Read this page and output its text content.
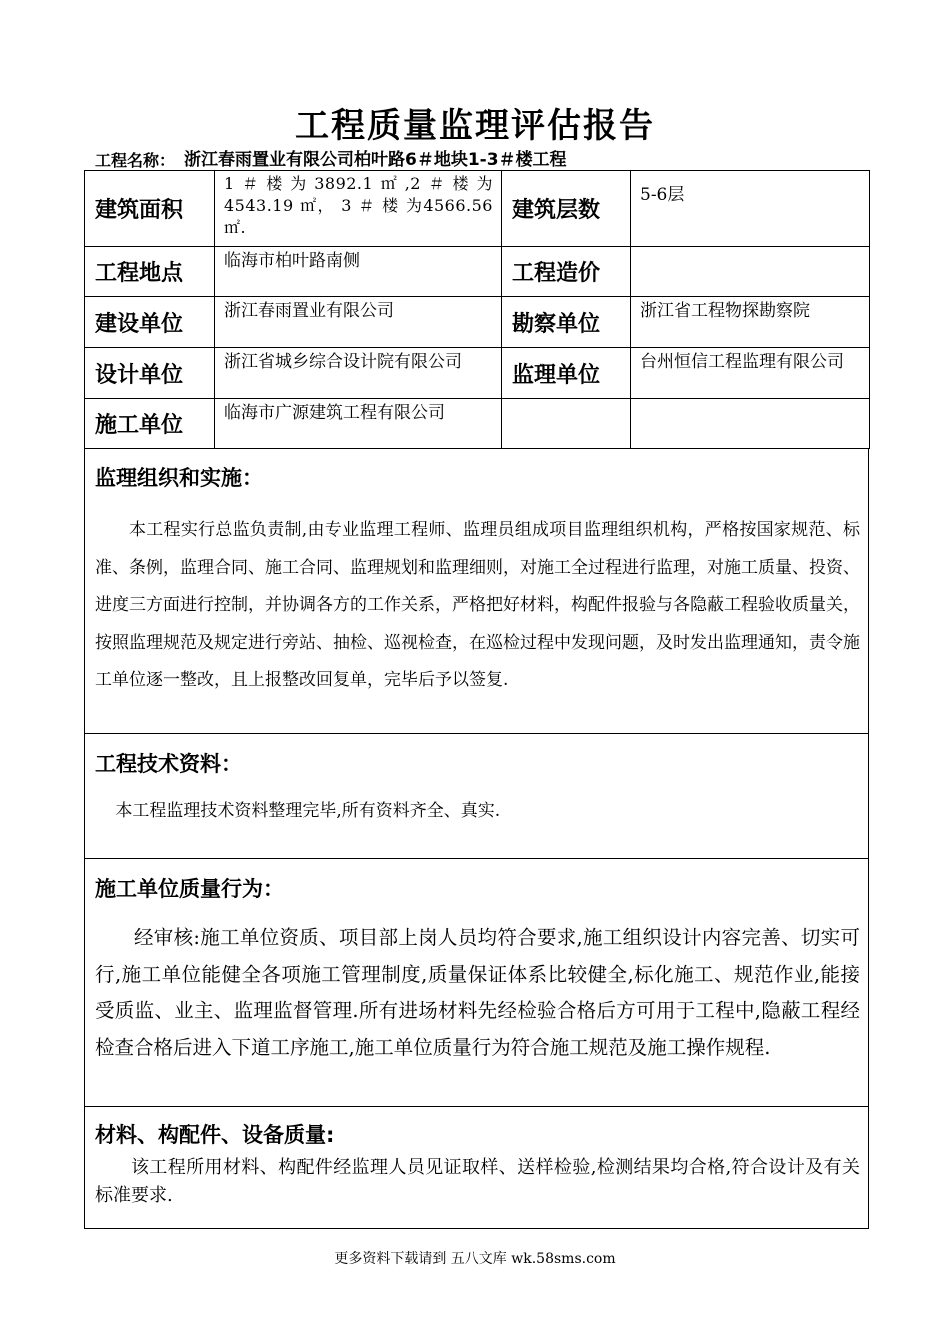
工程质量监理评估报告
工程名称： 浙江春雨置业有限公司柏叶路6＃地块1-3＃楼工程
建筑面积	1＃楼为3892.1㎡,2＃楼为4543.19 ㎡， 3 ＃ 楼 为4566.56㎡.	建筑层数	5-6层
工程地点	临海市柏叶路南侧	工程造价	
建设单位	浙江春雨置业有限公司	勘察单位	浙江省工程物探勘察院
设计单位	浙江省城乡综合设计院有限公司	监理单位	台州恒信工程监理有限公司
施工单位	临海市广源建筑工程有限公司		
监理组织和实施：
本工程实行总监负责制,由专业监理工程师、监理员组成项目监理组织机构，严格按国家规范、标准、条例，监理合同、施工合同、监理规划和监理细则，对施工全过程进行监理，对施工质量、投资、进度三方面进行控制，并协调各方的工作关系，严格把好材料，构配件报验与各隐蔽工程验收质量关，按照监理规范及规定进行旁站、抽检、巡视检查，在巡检过程中发现问题，及时发出监理通知，责令施工单位逐一整改，且上报整改回复单，完毕后予以签复.
工程技术资料：
本工程监理技术资料整理完毕,所有资料齐全、真实.
施工单位质量行为：
经审核:施工单位资质、项目部上岗人员均符合要求,施工组织设计内容完善、切实可行,施工单位能健全各项施工管理制度,质量保证体系比较健全,标化施工、规范作业,能接受质监、业主、监理监督管理.所有进场材料先经检验合格后方可用于工程中,隐蔽工程经检查合格后进入下道工序施工,施工单位质量行为符合施工规范及施工操作规程.
材料、构配件、设备质量:
该工程所用材料、构配件经监理人员见证取样、送样检验,检测结果均合格,符合设计及有关标准要求.
更多资料下载请到 五八文库 wk.58sms.com
